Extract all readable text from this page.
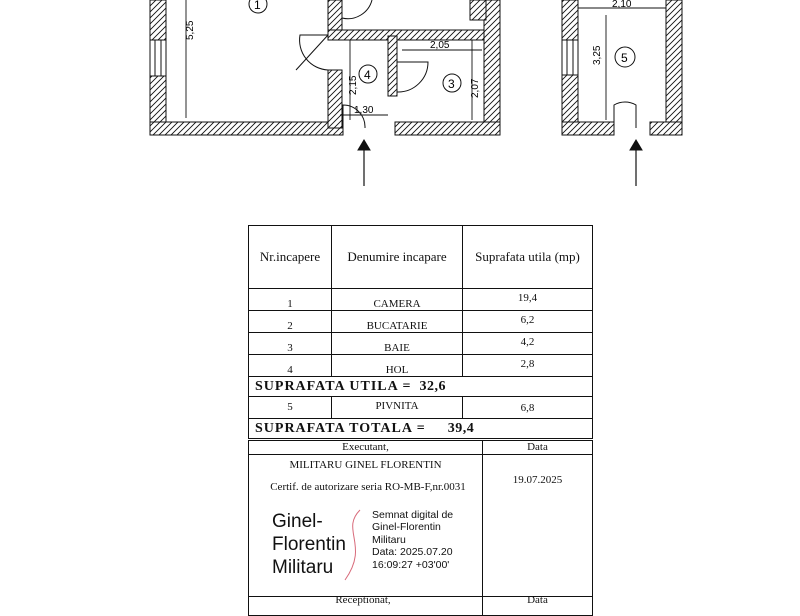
1
4
3
5
5,25
2,05
2,07
2,15
1,30
2,10
3,25
Nr.incapere	Denumire incapare	Suprafata utila (mp)
1	CAMERA	19,4
2	BUCATARIE	6,2
3	BAIE	4,2
4	HOL	2,8
SUPRAFATA UTILA = 32,6		
5	PIVNITA	6,8
SUPRAFATA TOTALA = 39,4		
Executant,	Data
MILITARU GINEL FLORENTIN
Certif. de autorizare seria RO-MB-F,nr.0031
19.07.2025
Receptionat,	Data
Ginel-
Florentin
Militaru
Semnat digital de
Ginel-Florentin
Militaru
Data: 2025.07.20
16:09:27 +03'00'
